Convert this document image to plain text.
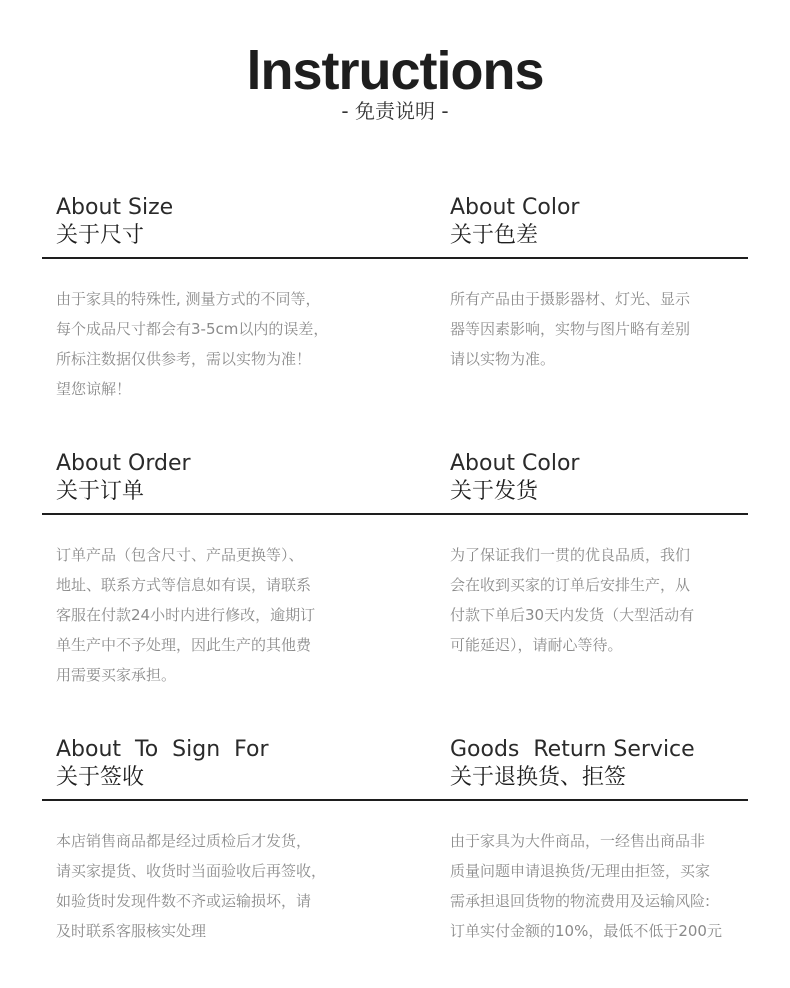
lnstructions
- 免责说明 -
About Size
关于尺寸
About Color
关于色差
由于家具的特殊性, 测量方式的不同等，
每个成品尺寸都会有3-5cm以内的误差，
所标注数据仅供参考，需以实物为准！
望您谅解！
所有产品由于摄影器材、灯光、显示
器等因素影响，实物与图片略有差别
请以实物为准。
About Order
关于订单
About Color
关于发货
订单产品（包含尺寸、产品更换等）、
地址、联系方式等信息如有误，请联系
客服在付款24小时内进行修改，逾期订
单生产中不予处理，因此生产的其他费
用需要买家承担。
为了保证我们一贯的优良品质，我们
会在收到买家的订单后安排生产，从
付款下单后30天内发货（大型活动有
可能延迟），请耐心等待。
About  To  Sign  For
关于签收
Goods  Return Service
关于退换货、拒签
本店销售商品都是经过质检后才发货，
请买家提货、收货时当面验收后再签收，
如验货时发现件数不齐或运输损坏，请
及时联系客服核实处理
由于家具为大件商品，一经售出商品非
质量问题申请退换货/无理由拒签，买家
需承担退回货物的物流费用及运输风险:
订单实付金额的10%，最低不低于200元
